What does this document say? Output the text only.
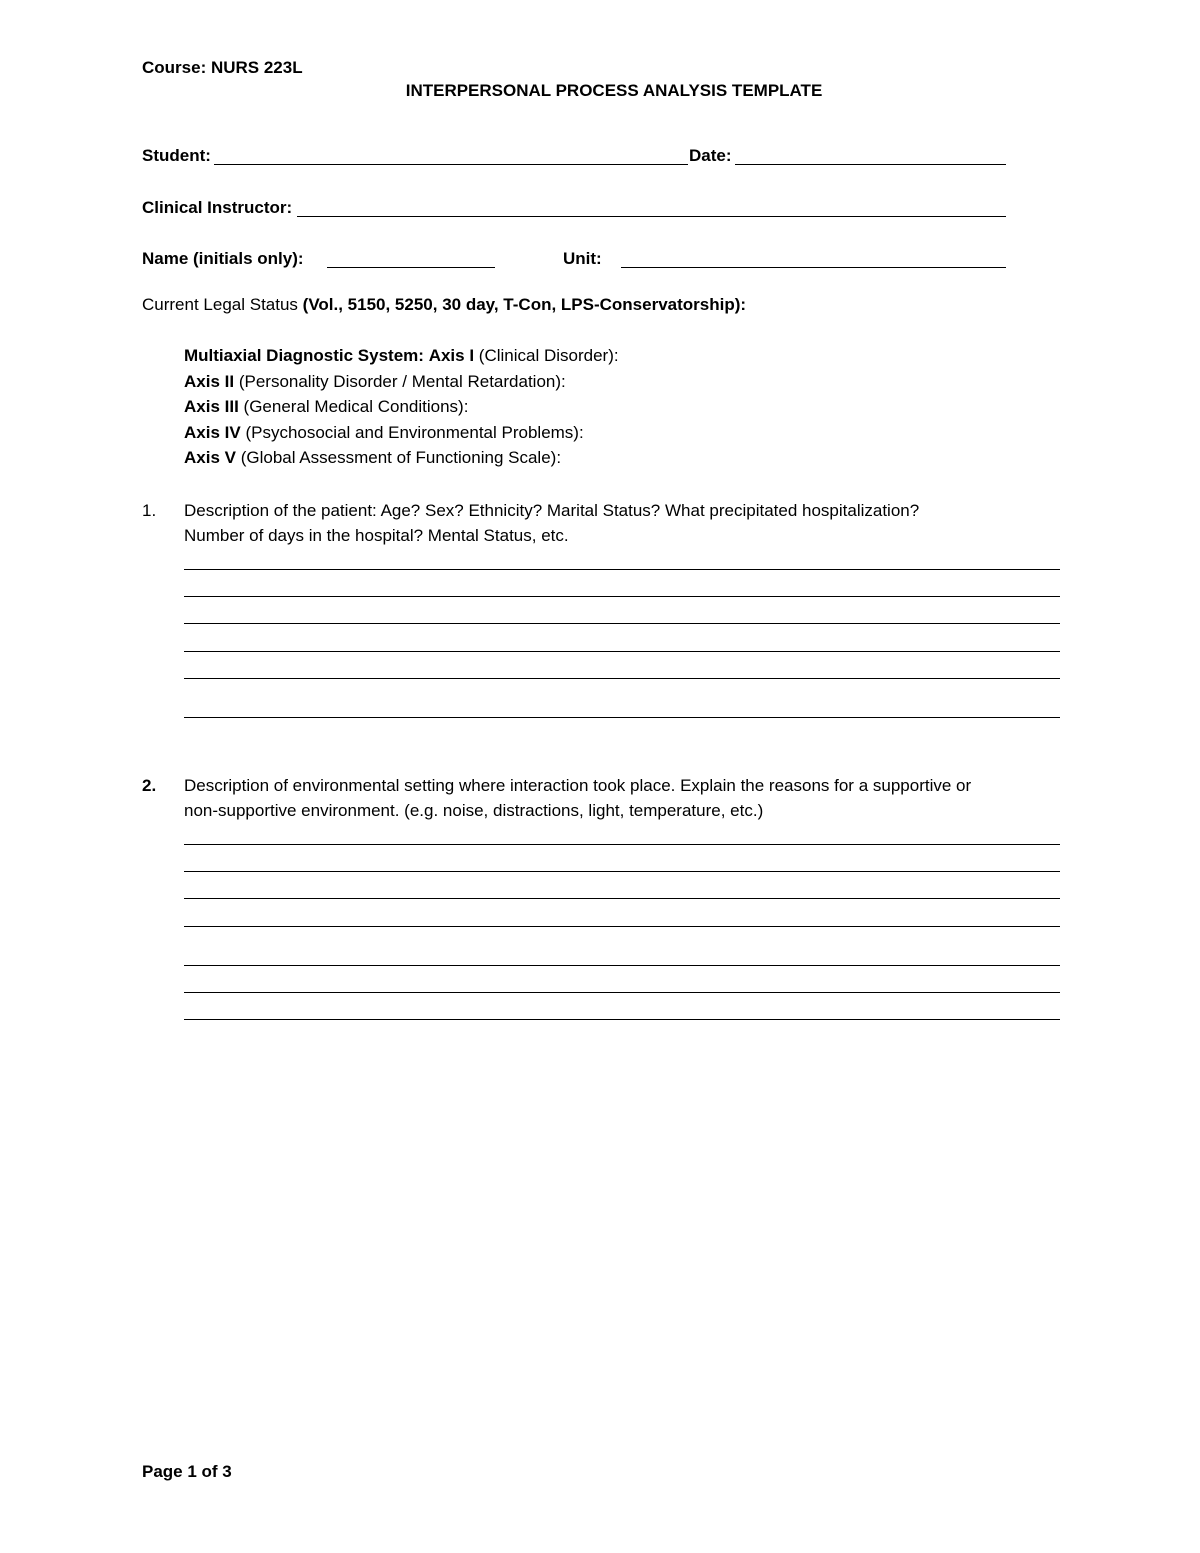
Course: NURS 223L
INTERPERSONAL PROCESS ANALYSIS TEMPLATE
Student:	Date:
Clinical Instructor:
Name (initials only):	Unit:
Current Legal Status (Vol., 5150, 5250, 30 day, T-Con, LPS-Conservatorship):
Multiaxial Diagnostic System: Axis I (Clinical Disorder):
Axis II (Personality Disorder / Mental Retardation):
Axis III (General Medical Conditions):
Axis IV (Psychosocial and Environmental Problems):
Axis V (Global Assessment of Functioning Scale):
1. Description of the patient: Age? Sex? Ethnicity? Marital Status? What precipitated hospitalization?
Number of days in the hospital? Mental Status, etc.
2. Description of environmental setting where interaction took place. Explain the reasons for a supportive or
non-supportive environment. (e.g. noise, distractions, light, temperature, etc.)
Page 1 of 3
